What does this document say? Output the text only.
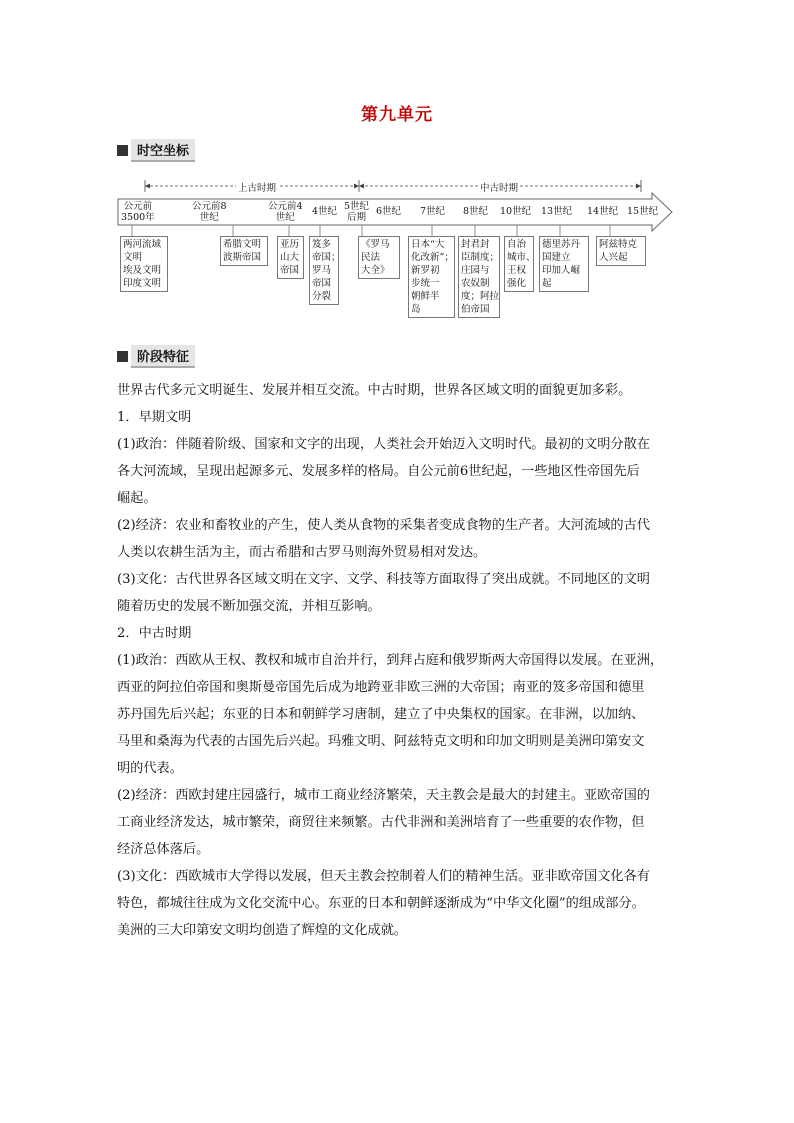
第九单元
时空坐标
上古时期	中古时期
公元前
3500年
公元前8
世纪
公元前4
世纪
4世纪 5世纪
后期
6世纪 7世纪 8世纪 10世纪 13世纪 14世纪 15世纪
两河流域
文明
埃及文明
印度文明
希腊文明
波斯帝国
亚历
山大
帝国
笈多
帝国；
罗马
帝国
分裂
《罗马
民法
大全》
日本“大
化改新”；
新罗初
步统一
朝鲜半
岛
封君封
臣制度；
庄园与
农奴制
度；阿拉
伯帝国
自治
城市、
王权
强化
德里苏丹
国建立
印加人崛
起
阿兹特克
人兴起
阶段特征
世界古代多元文明诞生、发展并相互交流。中古时期，世界各区域文明的面貌更加多彩。
1．早期文明
(1)政治：伴随着阶级、国家和文字的出现，人类社会开始迈入文明时代。最初的文明分散在
各大河流域，呈现出起源多元、发展多样的格局。自公元前6世纪起，一些地区性帝国先后
崛起。
(2)经济：农业和畜牧业的产生，使人类从食物的采集者变成食物的生产者。大河流域的古代
人类以农耕生活为主，而古希腊和古罗马则海外贸易相对发达。
(3)文化：古代世界各区域文明在文字、文学、科技等方面取得了突出成就。不同地区的文明
随着历史的发展不断加强交流，并相互影响。
2．中古时期
(1)政治：西欧从王权、教权和城市自治并行，到拜占庭和俄罗斯两大帝国得以发展。在亚洲，
西亚的阿拉伯帝国和奥斯曼帝国先后成为地跨亚非欧三洲的大帝国；南亚的笈多帝国和德里
苏丹国先后兴起；东亚的日本和朝鲜学习唐制，建立了中央集权的国家。在非洲，以加纳、
马里和桑海为代表的古国先后兴起。玛雅文明、阿兹特克文明和印加文明则是美洲印第安文
明的代表。
(2)经济：西欧封建庄园盛行，城市工商业经济繁荣，天主教会是最大的封建主。亚欧帝国的
工商业经济发达，城市繁荣，商贸往来频繁。古代非洲和美洲培育了一些重要的农作物，但
经济总体落后。
(3)文化：西欧城市大学得以发展，但天主教会控制着人们的精神生活。亚非欧帝国文化各有
特色，都城往往成为文化交流中心。东亚的日本和朝鲜逐渐成为“中华文化圈”的组成部分。
美洲的三大印第安文明均创造了辉煌的文化成就。
